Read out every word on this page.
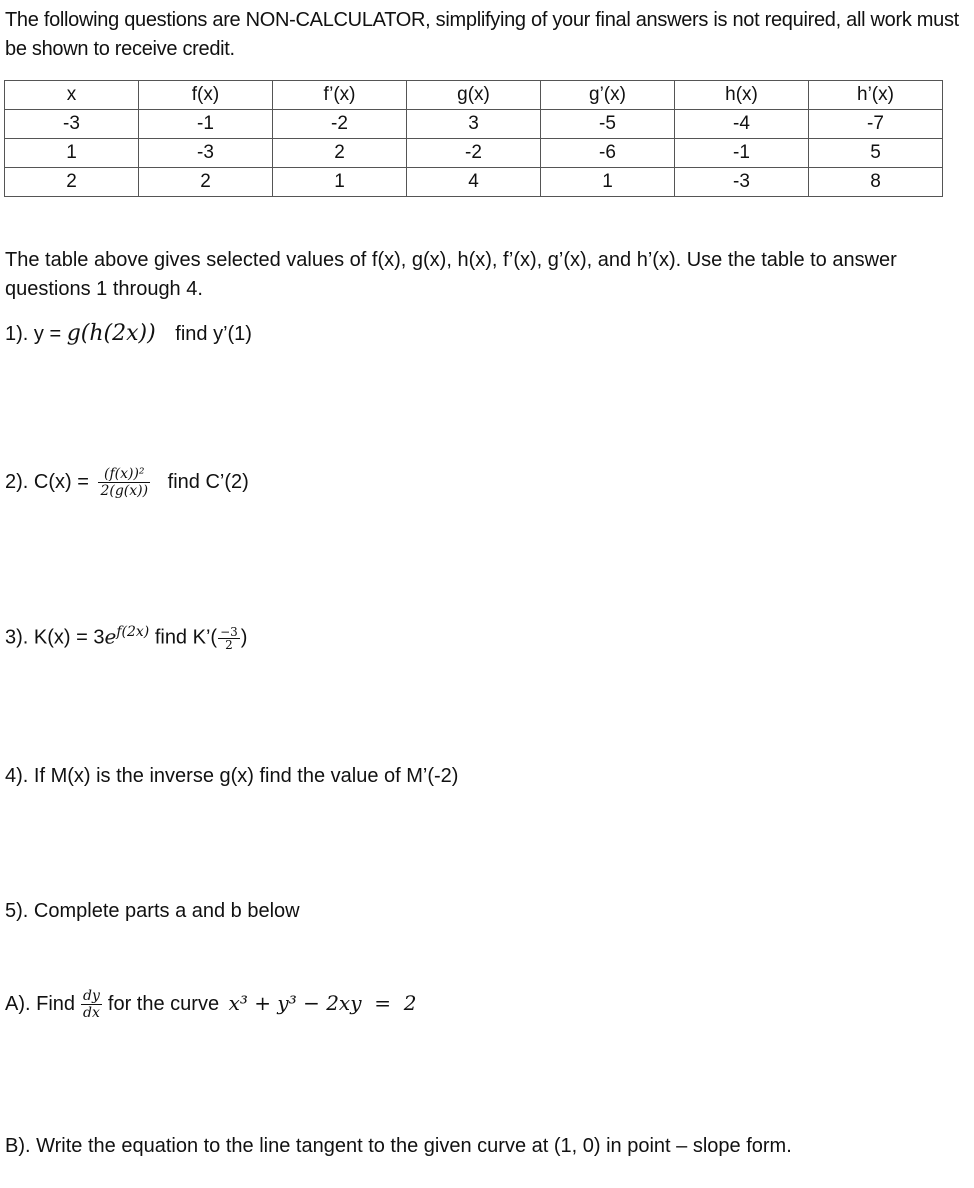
The following questions are NON-CALCULATOR, simplifying of your final answers is not required, all work must be shown to receive credit.
x	f(x)	f’(x)	g(x)	g’(x)	h(x)	h’(x)
-3	-1	-2	3	-5	-4	-7
1	-3	2	-2	-6	-1	5
2	2	1	4	1	-3	8
The table above gives selected values of f(x), g(x), h(x), f’(x), g’(x), and h’(x). Use the table to answer questions 1 through 4.
1). y = g(h(2x)) find y’(1)
2). $C(x) = \frac{\text{(f(x))²}}{2(g(x))}$ find C’(2)
3). $K(x) = 3e^{f(2x)}$ find K’( $\frac{-3}{2}$ )
4). If M(x) is the inverse g(x) find the value of M’(-2)
5). Complete parts a and b below
A). Find $\frac{dy}{dx}$ for the curve x³ + y³ − 2xy  =  2
B). Write the equation to the line tangent to the given curve at (1, 0) in point – slope form.
